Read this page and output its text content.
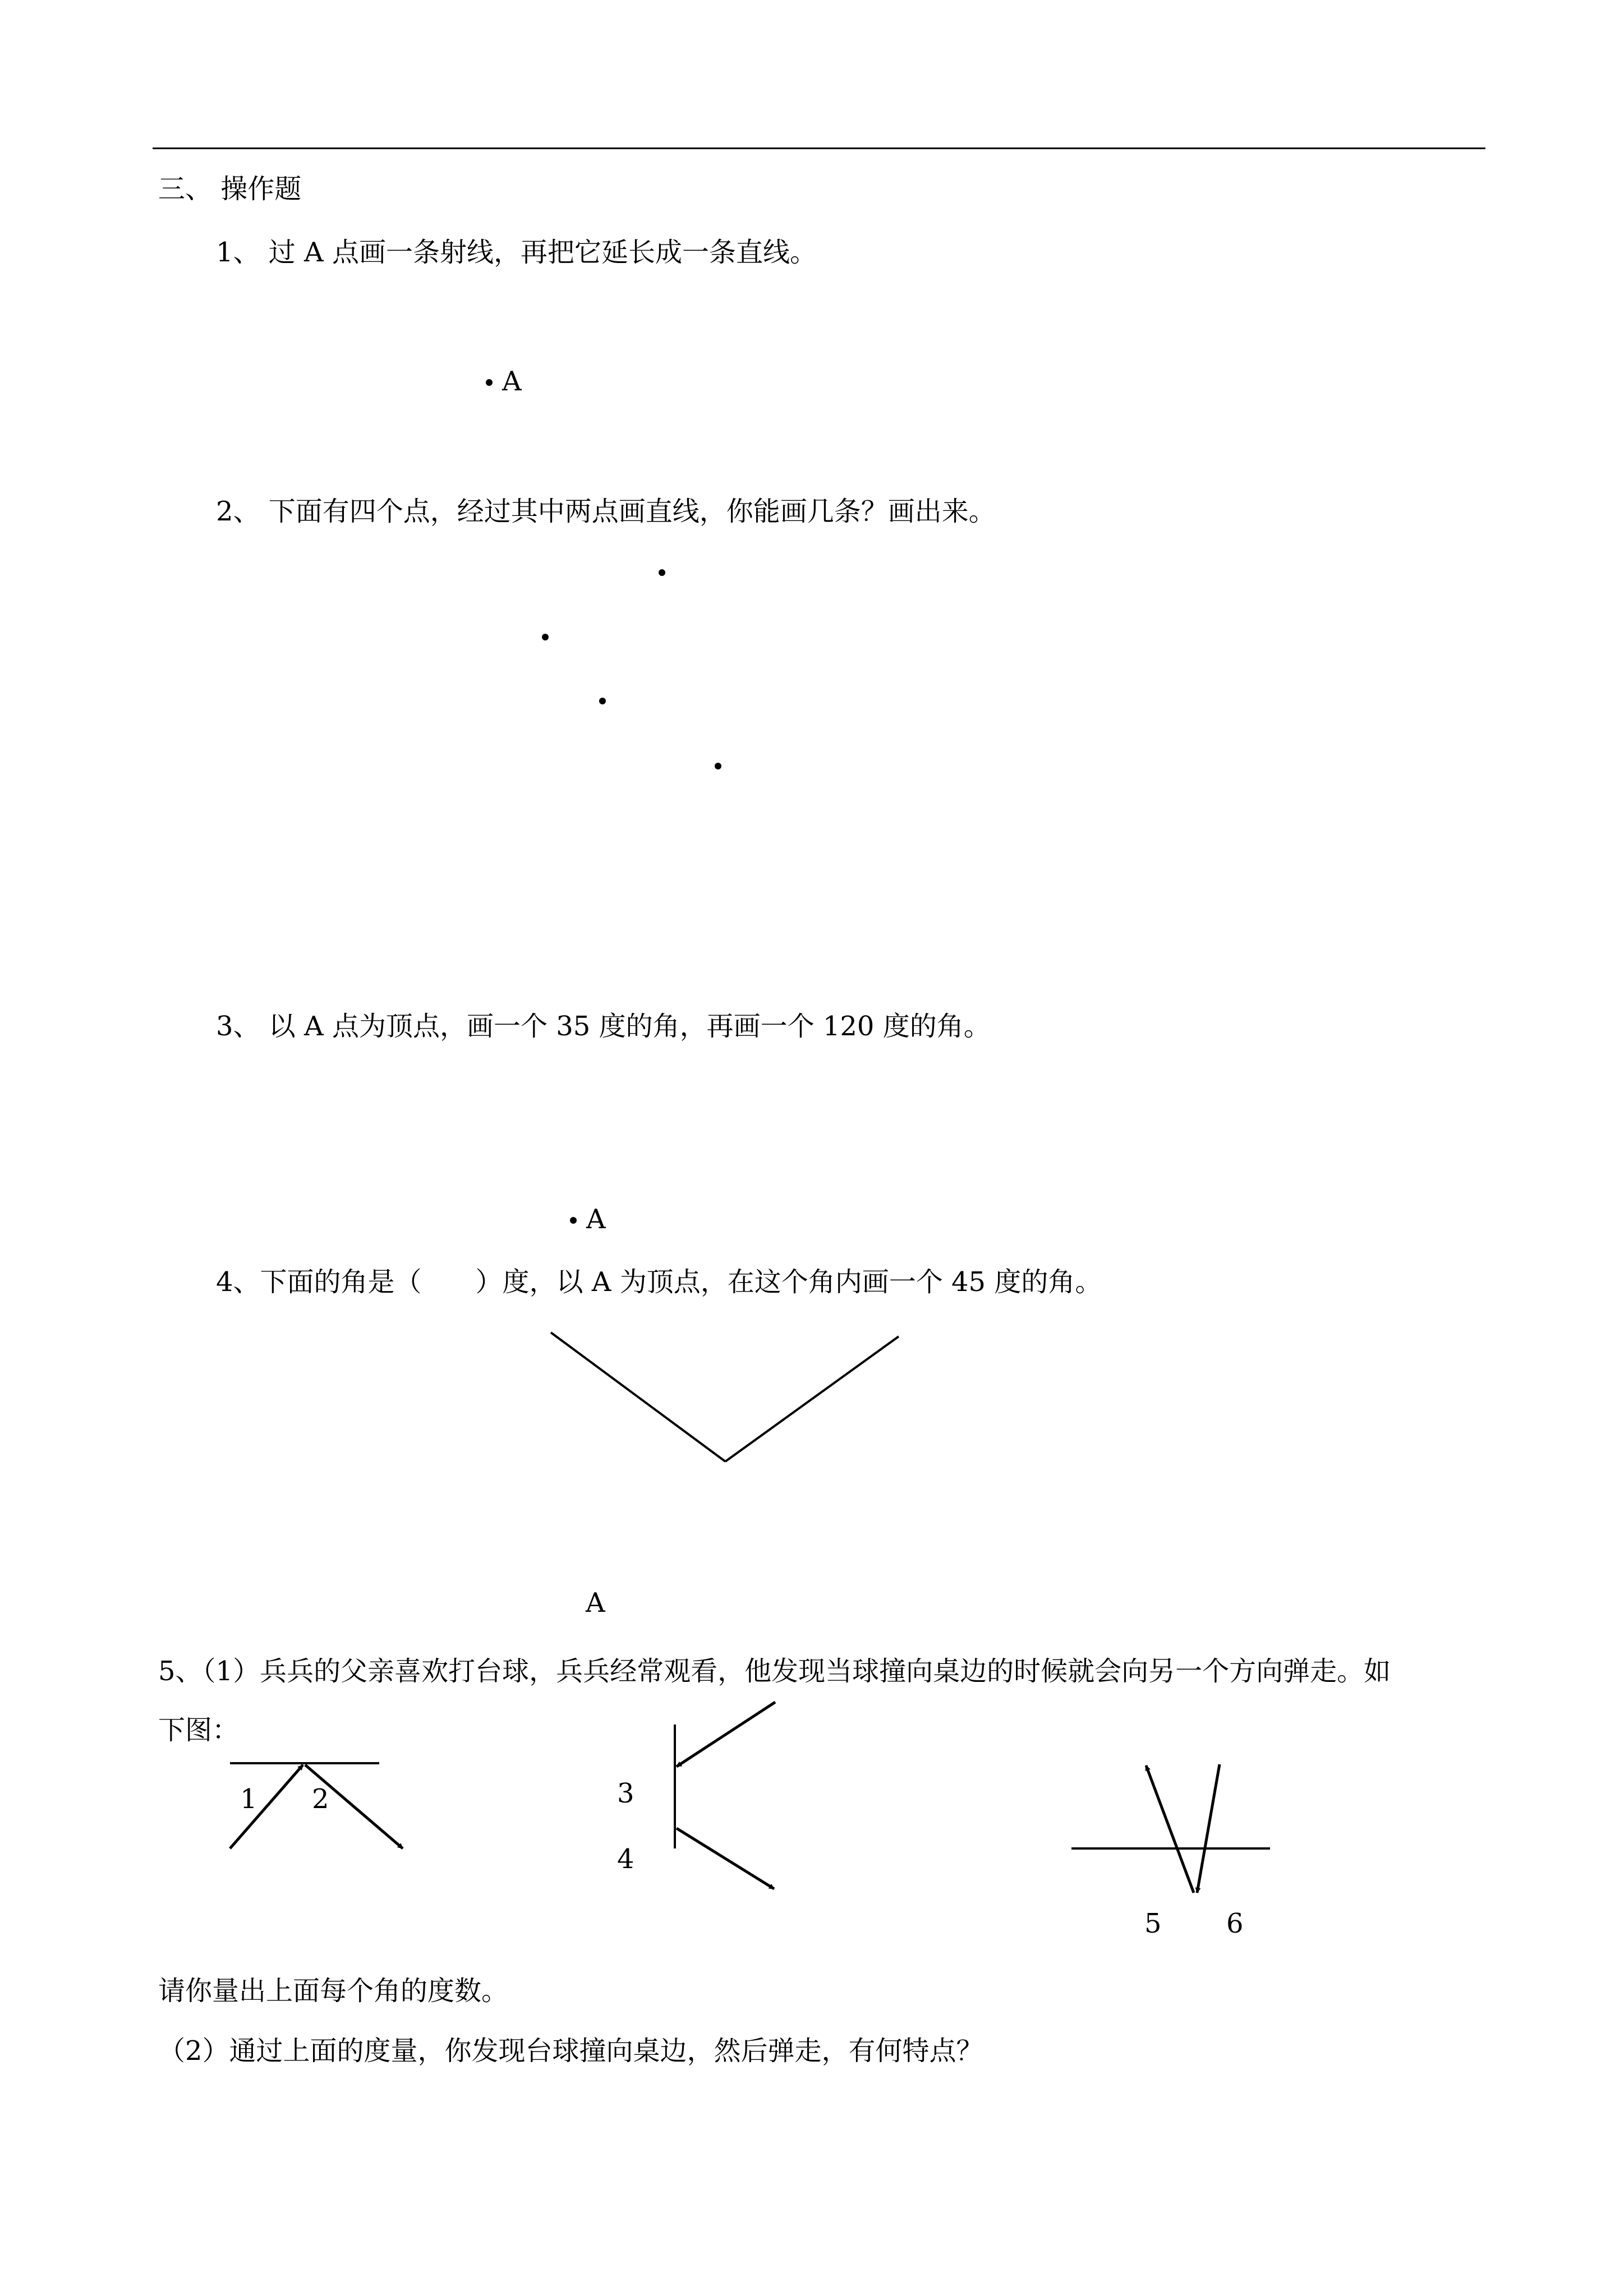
三、 操作题
1、 过 A 点画一条射线，再把它延长成一条直线。
A
2、 下面有四个点，经过其中两点画直线，你能画几条？画出来。
3、 以 A 点为顶点，画一个 35 度的角，再画一个 120 度的角。
A
4、下面的角是（　　）度，以 A 为顶点，在这个角内画一个 45 度的角。
A
5、（1）兵兵的父亲喜欢打台球，兵兵经常观看，他发现当球撞向桌边的时候就会向另一个方向弹走。如
下图：
1 2	3
4
5 6
请你量出上面每个角的度数。
（2）通过上面的度量，你发现台球撞向桌边，然后弹走，有何特点？
